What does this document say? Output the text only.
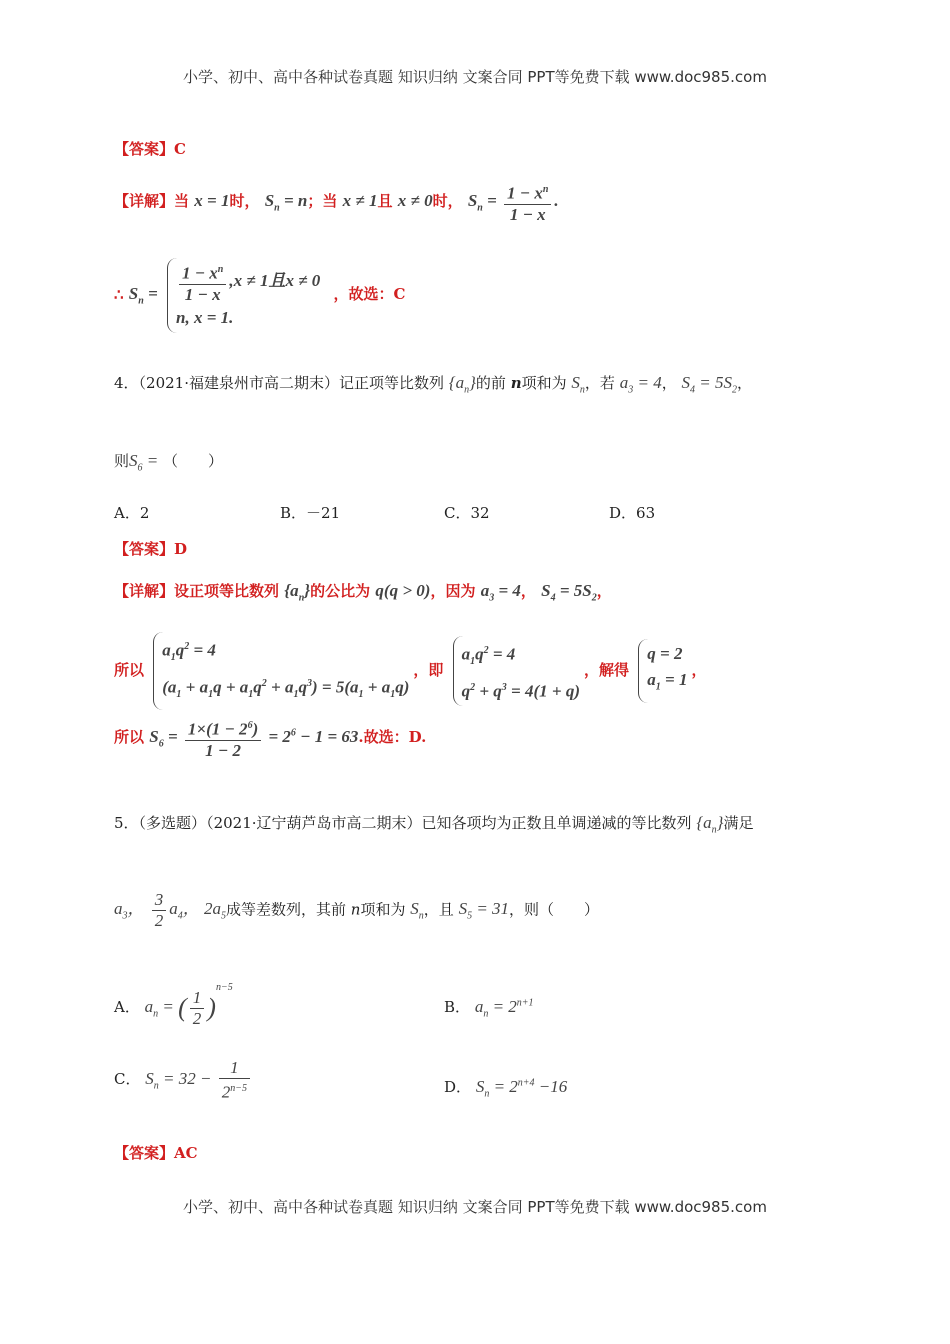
小学、初中、高中各种试卷真题 知识归纳 文案合同 PPT等免费下载 www.doc985.com
【答案】C
【详解】当 x = 1时， $S_n = n$；当 x ≠ 1且 x ≠ 0时， $S_n = \frac{1 - x^n}{1 - x}$ .
∴ $S_n = \frac{1 - x^n}{1 - x} ,x \ne 1$且x ≠ 0
n, x = 1.
，故选：C
4．（2021·福建泉州市高二期末）记正项等比数列 $\{a_n\}$的前 n项和为 $S_n$，若 $a_3 = 4$， $S_4 = 5S_2$，
则$S_6$ = （　　）
A．2	B．－21	C．32	D．63
【答案】D
【详解】设正项等比数列 $\{a_n\}$的公比为 q(q > 0)，因为 $a_3 = 4$， $S_4 = 5S_2$，
所以
$a_1q^2 = 4$
$(a_1 + a_1q + a_1q^2 + a_1q^3) = 5(a_1 + a_1q)$
，即
$a_1q^2 = 4$
$q^2 + q^3 = 4(1 + q)$
，解得
q = 2
$a_1 = 1$
，
所以 $S_6 = \frac{1\times(1 - 2^6)}{1 - 2} = 2^6 - 1 = 63$.故选：D.
5．（多选题）（2021·辽宁葫芦岛市高二期末）已知各项均为正数且单调递减的等比数列 $\{a_n\}$满足
$a_3$， $\frac{3}{2} a_4$， $2a_5$成等差数列，其前 n项和为 $S_n$，且 $S_5 = 31$，则（　　）
A． $a_n$ = ( $\frac{1}{2} )^{n-5}$
B． $a_n = 2^{n+1}$
C． $S_n = 32 - \frac{1}{2^{n-5}}$	D． $S_n = 2^{n+4} -16$
【答案】AC
小学、初中、高中各种试卷真题 知识归纳 文案合同 PPT等免费下载 www.doc985.com
